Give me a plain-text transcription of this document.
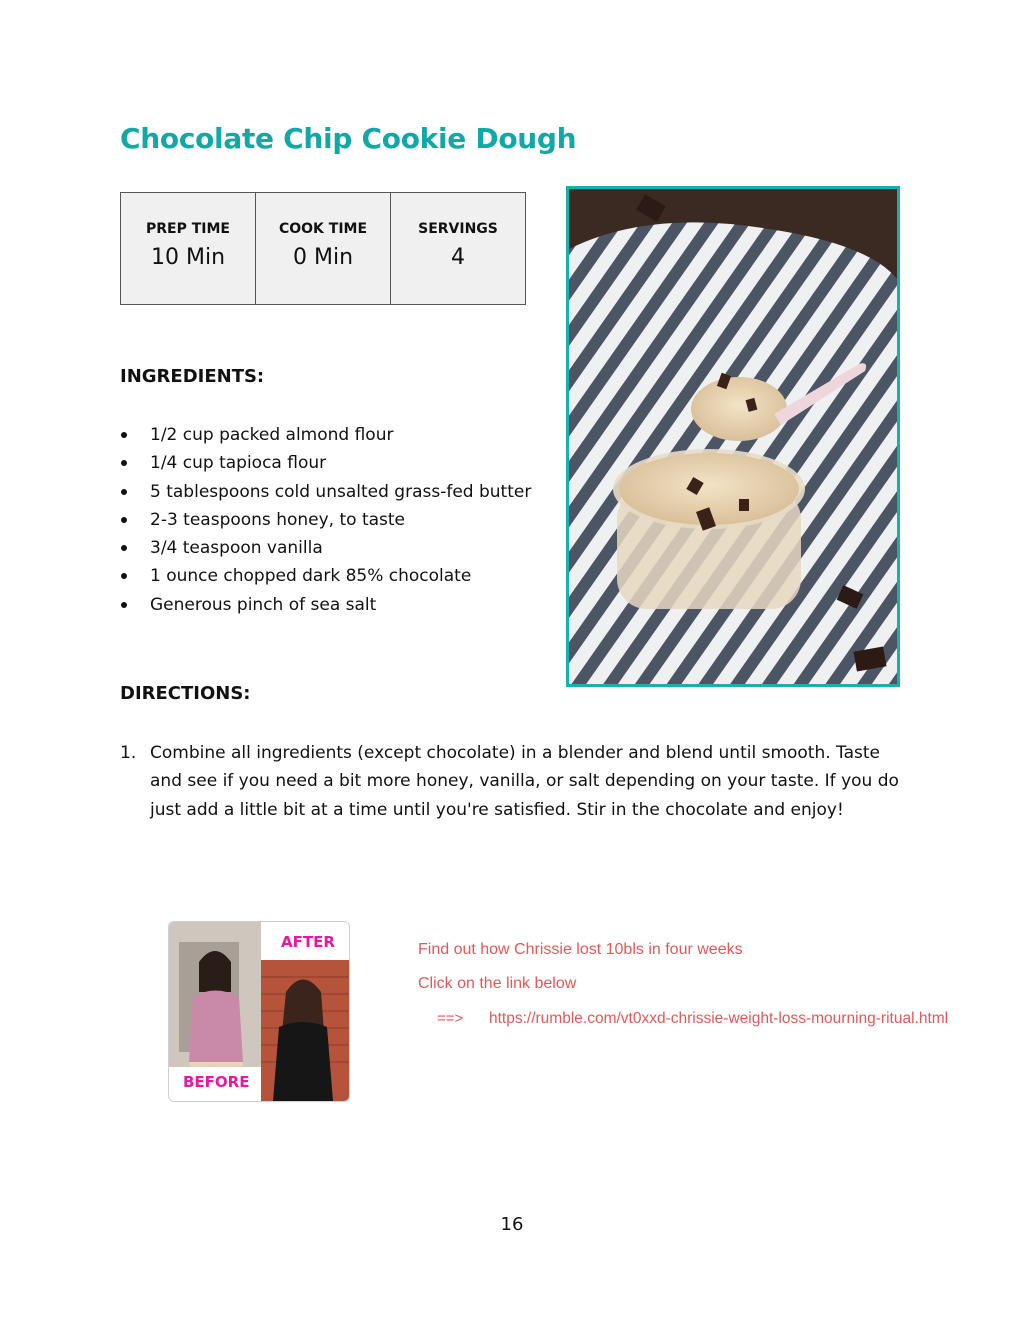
Chocolate Chip Cookie Dough
PREP TIME
10 Min
COOK TIME
0 Min
SERVINGS
4
INGREDIENTS:
1/2 cup packed almond flour
1/4 cup tapioca flour
5 tablespoons cold unsalted grass-fed butter
2-3 teaspoons honey, to taste
3/4 teaspoon vanilla
1 ounce chopped dark 85% chocolate
Generous pinch of sea salt
DIRECTIONS:
1. Combine all ingredients (except chocolate) in a blender and blend until smooth. Taste and see if you need a bit more honey, vanilla, or salt depending on your taste. If you do just add a little bit at a time until you're satisfied. Stir in the chocolate and enjoy!
AFTER
BEFORE
Find out how Chrissie lost 10bls in four weeks
Click on the link below
==> https://rumble.com/vt0xxd-chrissie-weight-loss-mourning-ritual.html
16
